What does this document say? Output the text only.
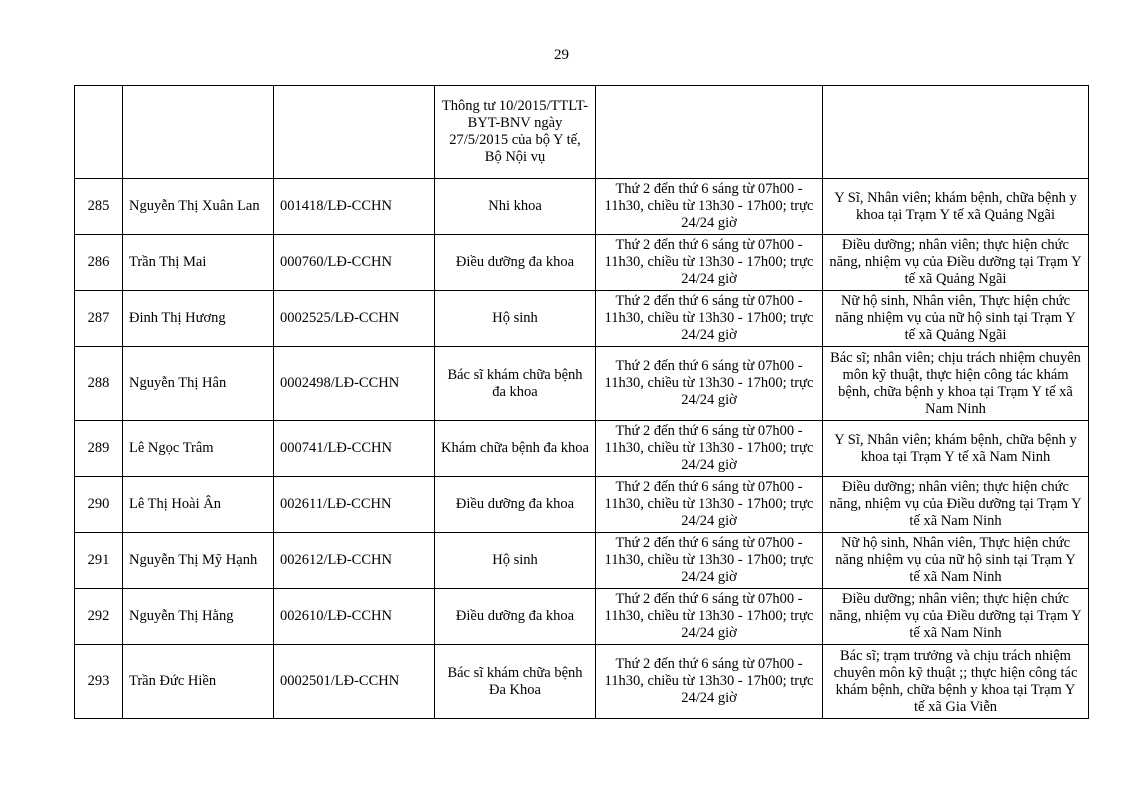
29
			Thông tư 10/2015/TTLT-BYT-BNV ngày 27/5/2015 của bộ Y tế, Bộ Nội vụ		
285	Nguyễn Thị Xuân Lan	001418/LĐ-CCHN	Nhi khoa	Thứ 2 đến thứ 6 sáng từ 07h00 - 11h30, chiều từ 13h30 - 17h00; trực 24/24 giờ	Y Sĩ, Nhân viên; khám bệnh, chữa bệnh y khoa tại Trạm Y tế xã Quảng Ngãi
286	Trần Thị Mai	000760/LĐ-CCHN	Điều dưỡng đa khoa	Thứ 2 đến thứ 6 sáng từ 07h00 - 11h30, chiều từ 13h30 - 17h00; trực 24/24 giờ	Điều dưỡng; nhân viên; thực hiện chức năng, nhiệm vụ của Điều dưỡng tại Trạm Y tế xã Quảng Ngãi
287	Đinh Thị Hương	0002525/LĐ-CCHN	Hộ sinh	Thứ 2 đến thứ 6 sáng từ 07h00 - 11h30, chiều từ 13h30 - 17h00; trực 24/24 giờ	Nữ hộ sinh, Nhân viên, Thực hiện chức năng nhiệm vụ của nữ hộ sinh tại Trạm Y tế xã Quảng Ngãi
288	Nguyễn Thị Hân	0002498/LĐ-CCHN	Bác sĩ khám chữa bệnh đa khoa	Thứ 2 đến thứ 6 sáng từ 07h00 - 11h30, chiều từ 13h30 - 17h00; trực 24/24 giờ	Bác sĩ; nhân viên; chịu trách nhiệm chuyên môn kỹ thuật, thực hiện công tác khám bệnh, chữa bệnh y khoa tại Trạm Y tế xã Nam Ninh
289	Lê Ngọc Trâm	000741/LĐ-CCHN	Khám chữa bệnh đa khoa	Thứ 2 đến thứ 6 sáng từ 07h00 - 11h30, chiều từ 13h30 - 17h00; trực 24/24 giờ	Y Sĩ, Nhân viên; khám bệnh, chữa bệnh y khoa tại Trạm Y tế xã Nam Ninh
290	Lê Thị Hoài Ân	002611/LĐ-CCHN	Điều dưỡng đa khoa	Thứ 2 đến thứ 6 sáng từ 07h00 - 11h30, chiều từ 13h30 - 17h00; trực 24/24 giờ	Điều dưỡng; nhân viên; thực hiện chức năng, nhiệm vụ của Điều dưỡng tại Trạm Y tế xã Nam Ninh
291	Nguyễn Thị Mỹ Hạnh	002612/LĐ-CCHN	Hộ sinh	Thứ 2 đến thứ 6 sáng từ 07h00 - 11h30, chiều từ 13h30 - 17h00; trực 24/24 giờ	Nữ hộ sinh, Nhân viên, Thực hiện chức năng nhiệm vụ của nữ hộ sinh tại Trạm Y tế xã Nam Ninh
292	Nguyễn Thị Hằng	002610/LĐ-CCHN	Điều dưỡng đa khoa	Thứ 2 đến thứ 6 sáng từ 07h00 - 11h30, chiều từ 13h30 - 17h00; trực 24/24 giờ	Điều dưỡng; nhân viên; thực hiện chức năng, nhiệm vụ của Điều dưỡng tại Trạm Y tế xã Nam Ninh
293	Trần Đức Hiền	0002501/LĐ-CCHN	Bác sĩ khám chữa bệnh Đa Khoa	Thứ 2 đến thứ 6 sáng từ 07h00 - 11h30, chiều từ 13h30 - 17h00; trực 24/24 giờ	Bác sĩ; trạm trưởng và chịu trách nhiệm chuyên môn kỹ thuật ;; thực hiện công tác khám bệnh, chữa bệnh y khoa tại Trạm Y tế xã Gia Viễn
